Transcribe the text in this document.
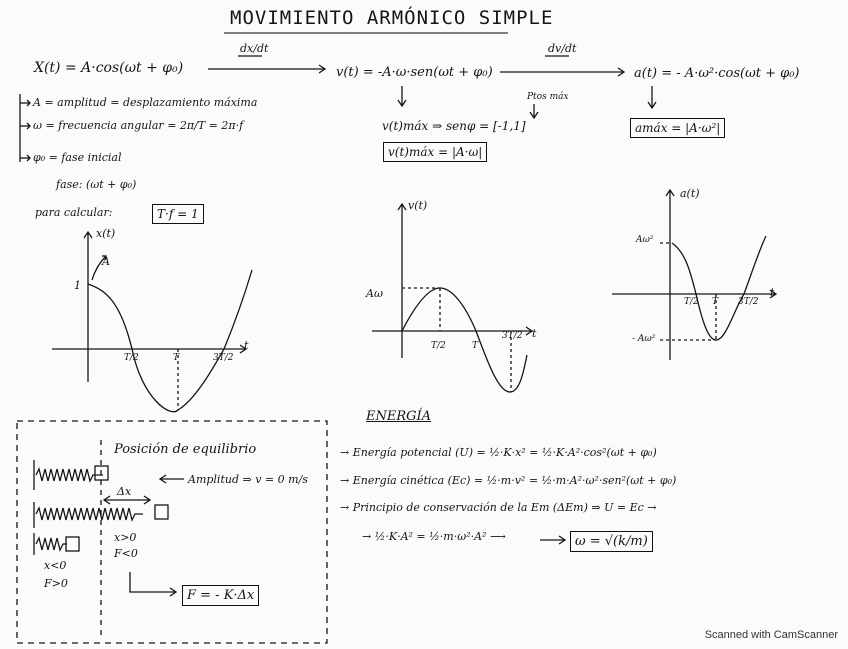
MOVIMIENTO ARMÓNICO SIMPLE
X(t) = A·cos(ωt + φ₀)
dx/dt
v(t) = -A·ω·sen(ωt + φ₀)
dv/dt
a(t) = - A·ω²·cos(ωt + φ₀)
Ptos máx
v(t)máx ⇒ senφ = [-1,1]
v(t)máx = |A·ω|
amáx = |A·ω²|
A = amplitud = desplazamiento máxima
ω = frecuencia angular = 2π/T = 2π·f
φ₀ = fase inicial
fase: (ωt + φ₀)
para calcular:	T·f = 1
x(t)
A
1
t
T/2	T	3T/2
v(t)
Aω
t
T/2	T
3T/2
a(t)
Aω²
- Aω²
t
T/2 T 3T/2
Posición de equilibrio
Amplitud ⇒ v = 0 m/s
Δx
x>0
F<0
x<0
F>0
F = - K·Δx
ENERGÍA
→ Energía potencial (U) = ½·K·x² = ½·K·A²·cos²(ωt + φ₀)
→ Energía cinética (Ec) = ½·m·v² = ½·m·A²·ω²·sen²(ωt + φ₀)
→ Principio de conservación de la Em (ΔEm) ⇒ U = Ec →
→ ½·K·A² = ½·m·ω²·A² ⟶	ω = √(k/m)
Scanned with CamScanner
